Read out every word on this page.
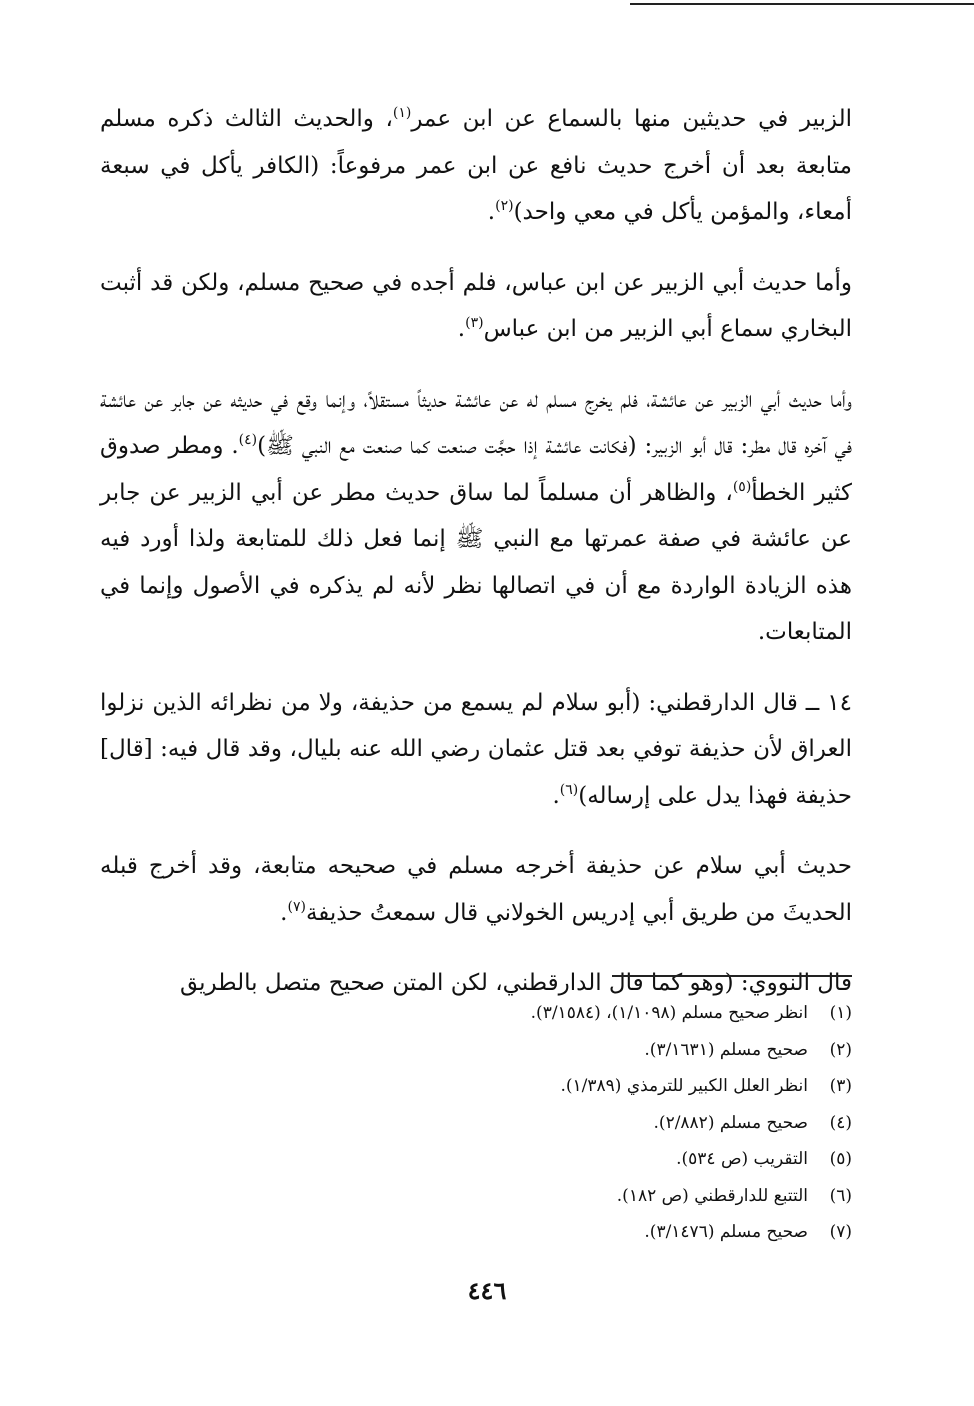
الزبير في حديثين منها بالسماع عن ابن عمر$^{(١)}$، والحديث الثالث ذكره مسلم متابعة بعد أن أخرج حديث نافع عن ابن عمر مرفوعاً: (الكافر يأكل في سبعة أمعاء، والمؤمن يأكل في معي واحد)$^{(٢)}$.

وأما حديث أبي الزبير عن ابن عباس، فلم أجده في صحيح مسلم، ولكن قد أثبت البخاري سماع أبي الزبير من ابن عباس$^{(٣)}$.

وأما حديث أبي الزبير عن عائشة، فلم يخرج مسلم له عن عائشة حديثاً مستقلاً، وإنما وقع في حديثه عن جابر عن عائشة في آخره قال مطر: قال أبو الزبير: (فكانت عائشة إذا حجَّت صنعت كما صنعت مع النبي ﷺ)$^{(٤)}$. ومطر صدوق كثير الخطأ$^{(٥)}$، والظاهر أن مسلماً لما ساق حديث مطر عن أبي الزبير عن جابر عن عائشة في صفة عمرتها مع النبي ﷺ إنما فعل ذلك للمتابعة ولذا أورد فيه هذه الزيادة الواردة مع أن في اتصالها نظر لأنه لم يذكره في الأصول وإنما في المتابعات.

١٤ ــ قال الدارقطني: (أبو سلام لم يسمع من حذيفة، ولا من نظرائه الذين نزلوا العراق لأن حذيفة توفي بعد قتل عثمان رضي الله عنه بليال، وقد قال فيه: [قال] حذيفة فهذا يدل على إرساله)$^{(٦)}$.

حديث أبي سلام عن حذيفة أخرجه مسلم في صحيحه متابعة، وقد أخرج قبله الحديثَ من طريق أبي إدريس الخولاني قال سمعتُ حذيفة$^{(٧)}$.

قال النووي: (وهو كما قال الدارقطني، لكن المتن صحيح متصل بالطريق

(١)انظر صحيح مسلم (١/١٠٩٨)، (٣/١٥٨٤).
(٢)صحيح مسلم (٣/١٦٣١).
(٣)انظر العلل الكبير للترمذي (١/٣٨٩).
(٤)صحيح مسلم (٢/٨٨٢).
(٥)التقريب (ص ٥٣٤).
(٦)التتبع للدارقطني (ص ١٨٢).
(٧)صحيح مسلم (٣/١٤٧٦).
٤٤٦
